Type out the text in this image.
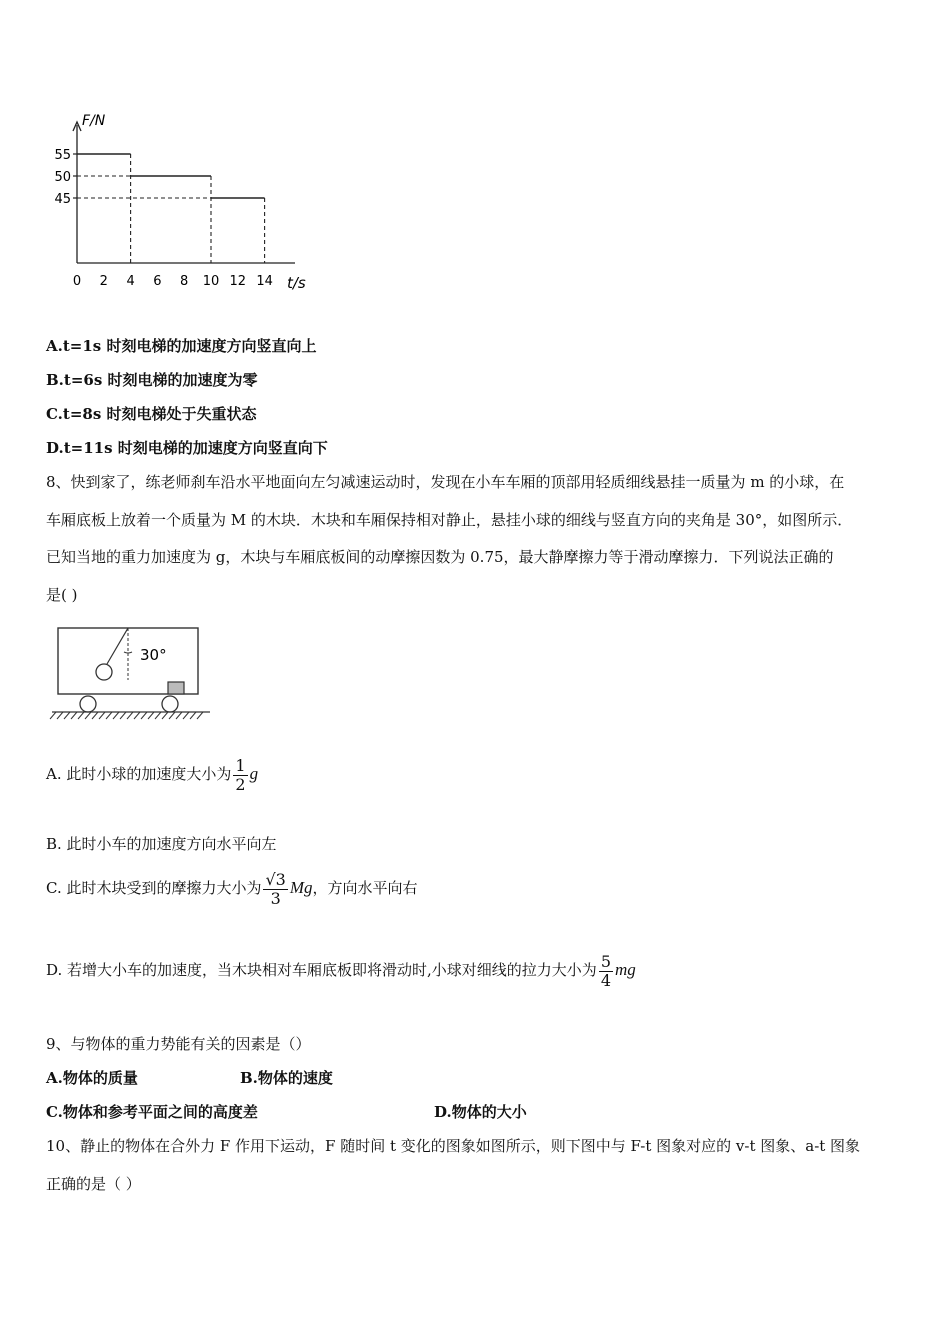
F/N
t/s
55
50
45
0 2 4 6 8 10 12 14
A.t=1s 时刻电梯的加速度方向竖直向上
B.t=6s 时刻电梯的加速度为零
C.t=8s 时刻电梯处于失重状态
D.t=11s 时刻电梯的加速度方向竖直向下
8、快到家了，练老师刹车沿水平地面向左匀减速运动时，发现在小车车厢的顶部用轻质细线悬挂一质量为 m 的小球，在
车厢底板上放着一个质量为 M 的木块．木块和车厢保持相对静止，悬挂小球的细线与竖直方向的夹角是 30°，如图所示．
已知当地的重力加速度为 g，木块与车厢底板间的动摩擦因数为 0.75，最大静摩擦力等于滑动摩擦力．下列说法正确的
是( )
30°
A. 此时小球的加速度大小为 $\frac{1}{2}$ g
B. 此时小车的加速度方向水平向左
C. 此时木块受到的摩擦力大小为 $\frac{√3}{3}$ Mg，方向水平向右
D. 若增大小车的加速度，当木块相对车厢底板即将滑动时,小球对细线的拉力大小为 $\frac{5}{4}$ mg
9、与物体的重力势能有关的因素是（）
A.物体的质量	B.物体的速度
C.物体和参考平面之间的高度差	D.物体的大小
10、静止的物体在合外力 F 作用下运动，F 随时间 t 变化的图象如图所示，则下图中与 F-t 图象对应的 v-t 图象、a-t 图象
正确的是（ ）
